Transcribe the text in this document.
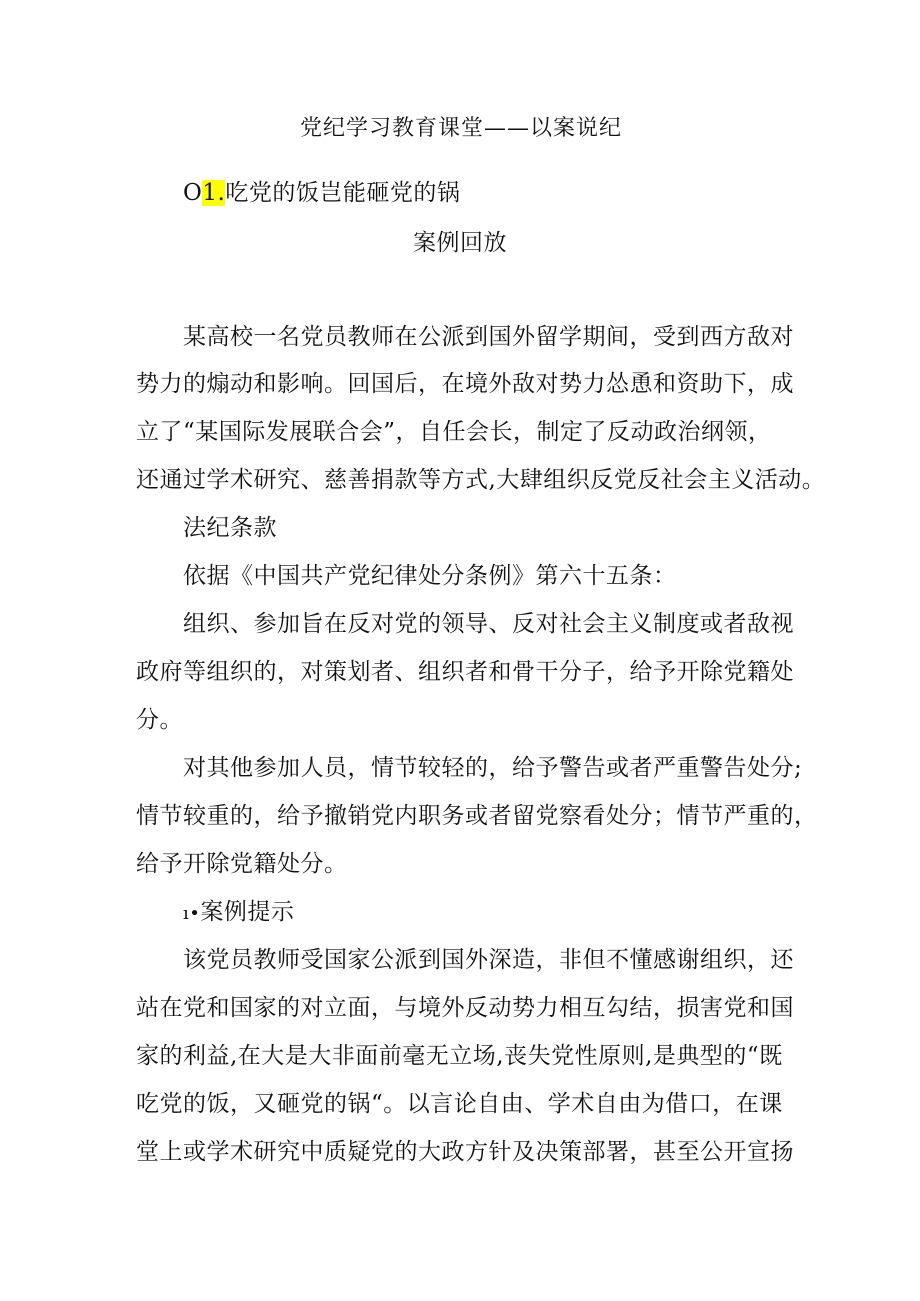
党纪学习教育课堂——以案说纪
O1.吃党的饭岂能砸党的锅
案例回放
某高校一名党员教师在公派到国外留学期间，受到西方敌对
势力的煽动和影响。回国后，在境外敌对势力怂恿和资助下，成
立了“某国际发展联合会”，自任会长，制定了反动政治纲领，
还通过学术研究、慈善捐款等方式,大肆组织反党反社会主义活动。
法纪条款
依据《中国共产党纪律处分条例》第六十五条：
组织、参加旨在反对党的领导、反对社会主义制度或者敌视
政府等组织的，对策划者、组织者和骨干分子，给予开除党籍处
分。
对其他参加人员，情节较轻的，给予警告或者严重警告处分;
情节较重的，给予撤销党内职务或者留党察看处分；情节严重的，
给予开除党籍处分。
ı•案例提示
该党员教师受国家公派到国外深造，非但不懂感谢组织，还
站在党和国家的对立面，与境外反动势力相互勾结，损害党和国
家的利益,在大是大非面前毫无立场,丧失党性原则,是典型的“既
吃党的饭，又砸党的锅“。以言论自由、学术自由为借口，在课
堂上或学术研究中质疑党的大政方针及决策部署，甚至公开宣扬
